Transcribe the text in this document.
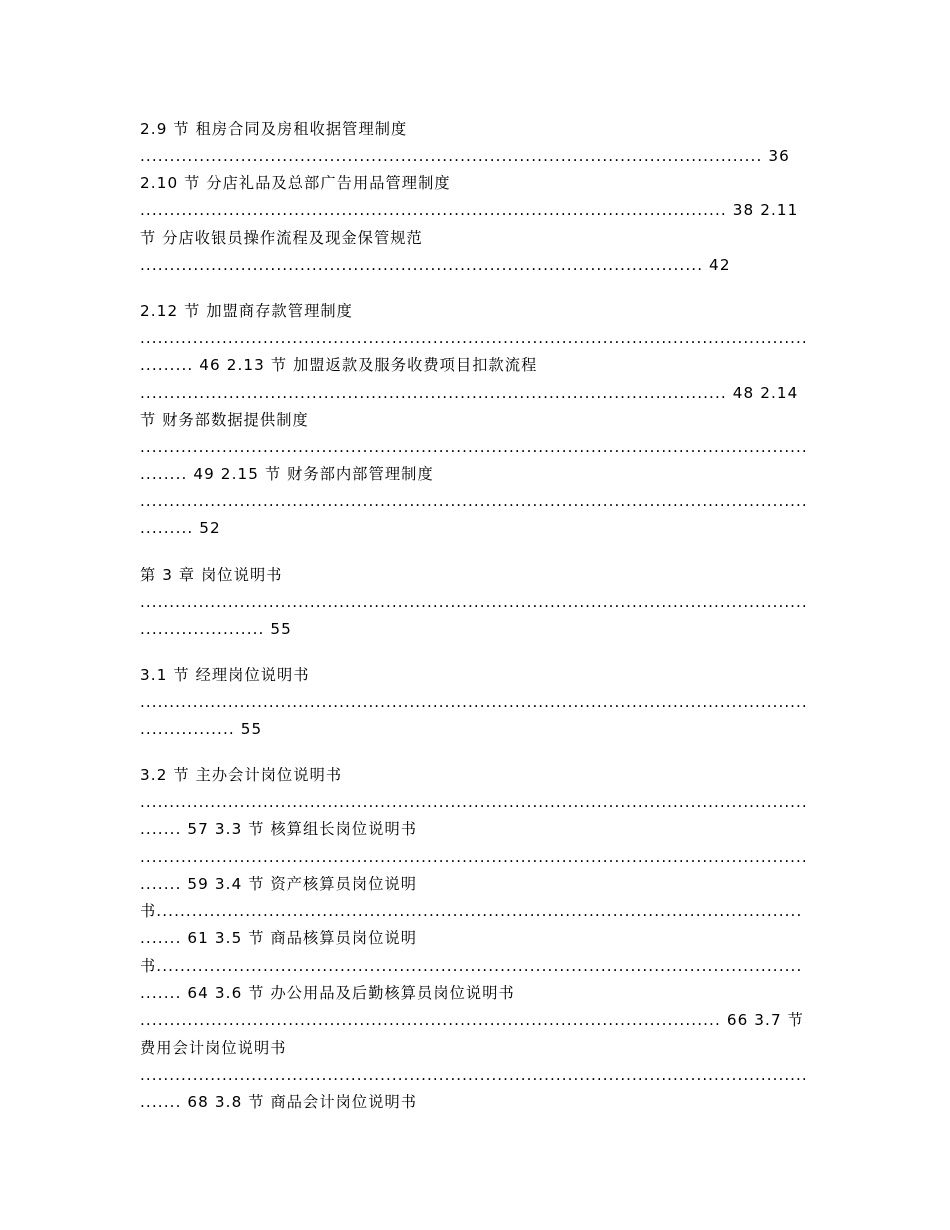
2.9 节 租房合同及房租收据管理制度
......................................................................................................... 36
2.10 节 分店礼品及总部广告用品管理制度
................................................................................................... 38 2.11
节 分店收银员操作流程及现金保管规范
............................................................................................... 42
2.12 节 加盟商存款管理制度
..................................................................................................................
......... 46 2.13 节 加盟返款及服务收费项目扣款流程
................................................................................................... 48 2.14
节 财务部数据提供制度
..................................................................................................................
........ 49 2.15 节 财务部内部管理制度
..................................................................................................................
......... 52
第 3 章 岗位说明书
..................................................................................................................
..................... 55
3.1 节 经理岗位说明书
..................................................................................................................
................ 55
3.2 节 主办会计岗位说明书
..................................................................................................................
....... 57 3.3 节 核算组长岗位说明书
..................................................................................................................
....... 59 3.4 节 资产核算员岗位说明
书.............................................................................................................
....... 61 3.5 节 商品核算员岗位说明
书.............................................................................................................
....... 64 3.6 节 办公用品及后勤核算员岗位说明书
.................................................................................................. 66 3.7 节
费用会计岗位说明书
..................................................................................................................
....... 68 3.8 节 商品会计岗位说明书
